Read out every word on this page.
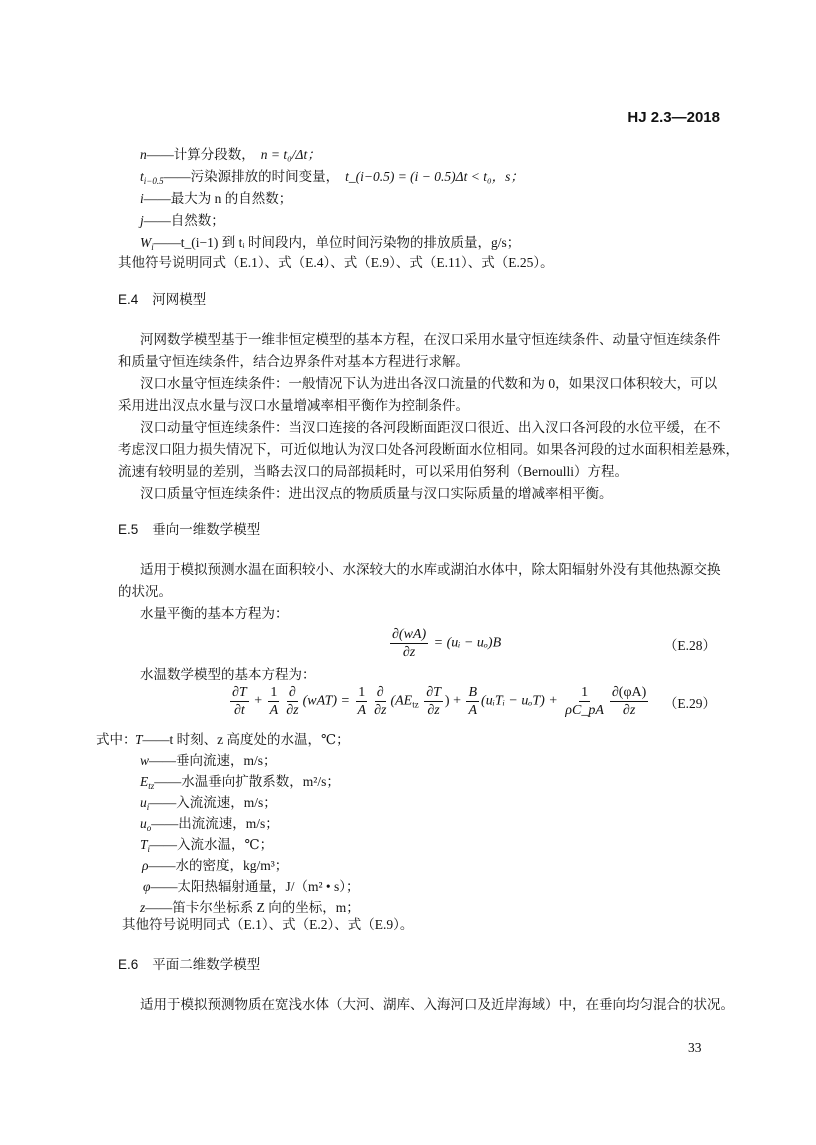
HJ 2.3—2018
n——计算分段数， n = t₀/Δt；
$t_{i-0.5}——$污染源排放的时间变量， t_(i−0.5) = (i − 0.5)Δt < t₀，s；
i——最大为 n 的自然数；
j——自然数；
$W_i——t\_(i-1)$ 到 tᵢ 时间段内，单位时间污染物的排放质量，g/s；
其他符号说明同式（E.1）、式（E.4）、式（E.9）、式（E.11）、式（E.25）。
E.4 河网模型
河网数学模型基于一维非恒定模型的基本方程，在汊口采用水量守恒连续条件、动量守恒连续条件
和质量守恒连续条件，结合边界条件对基本方程进行求解。
汊口水量守恒连续条件：一般情况下认为进出各汊口流量的代数和为 0，如果汊口体积较大，可以
采用进出汊点水量与汊口水量增减率相平衡作为控制条件。
汊口动量守恒连续条件：当汊口连接的各河段断面距汊口很近、出入汊口各河段的水位平缓，在不
考虑汊口阻力损失情况下，可近似地认为汊口处各河段断面水位相同。如果各河段的过水面积相差悬殊，
流速有较明显的差别，当略去汊口的局部损耗时，可以采用伯努利（Bernoulli）方程。
汊口质量守恒连续条件：进出汊点的物质质量与汊口实际质量的增减率相平衡。
E.5 垂向一维数学模型
适用于模拟预测水温在面积较小、水深较大的水库或湖泊水体中，除太阳辐射外没有其他热源交换
的状况。
水量平衡的基本方程为：
$\frac{\partial(wA)}{\partial z}$ = (uᵢ − uₒ)B	（E.28）
水温数学模型的基本方程为：
$\frac{\partial T}{\partial t} + \frac{1}{A} \frac{\partial}{\partial z} (wAT) = \frac{1}{A} \frac{\partial}{\partial z} (AE_{tz} \frac{\partial T}{\partial z}$ ) + $\frac{B}{A}$ (uᵢTᵢ − $u_oT) + \frac{1}{\rho C\_pA} \frac{\partial(\varphi A)}{\partial z} (E.29)$
式中：
T——t 时刻、z 高度处的水温，℃；
w——垂向流速，m/s；
$E_{tz}——$水温垂向扩散系数，m²/s；
$u_i——$入流流速，m/s；
$u_o——$出流流速，m/s；
$T_i——$入流水温，℃；
ρ——水的密度，kg/m³；
φ——太阳热辐射通量，J/（m² • s）；
z——笛卡尔坐标系 Z 向的坐标，m；
其他符号说明同式（E.1）、式（E.2）、式（E.9）。
E.6 平面二维数学模型
适用于模拟预测物质在宽浅水体（大河、湖库、入海河口及近岸海域）中，在垂向均匀混合的状况。
33
